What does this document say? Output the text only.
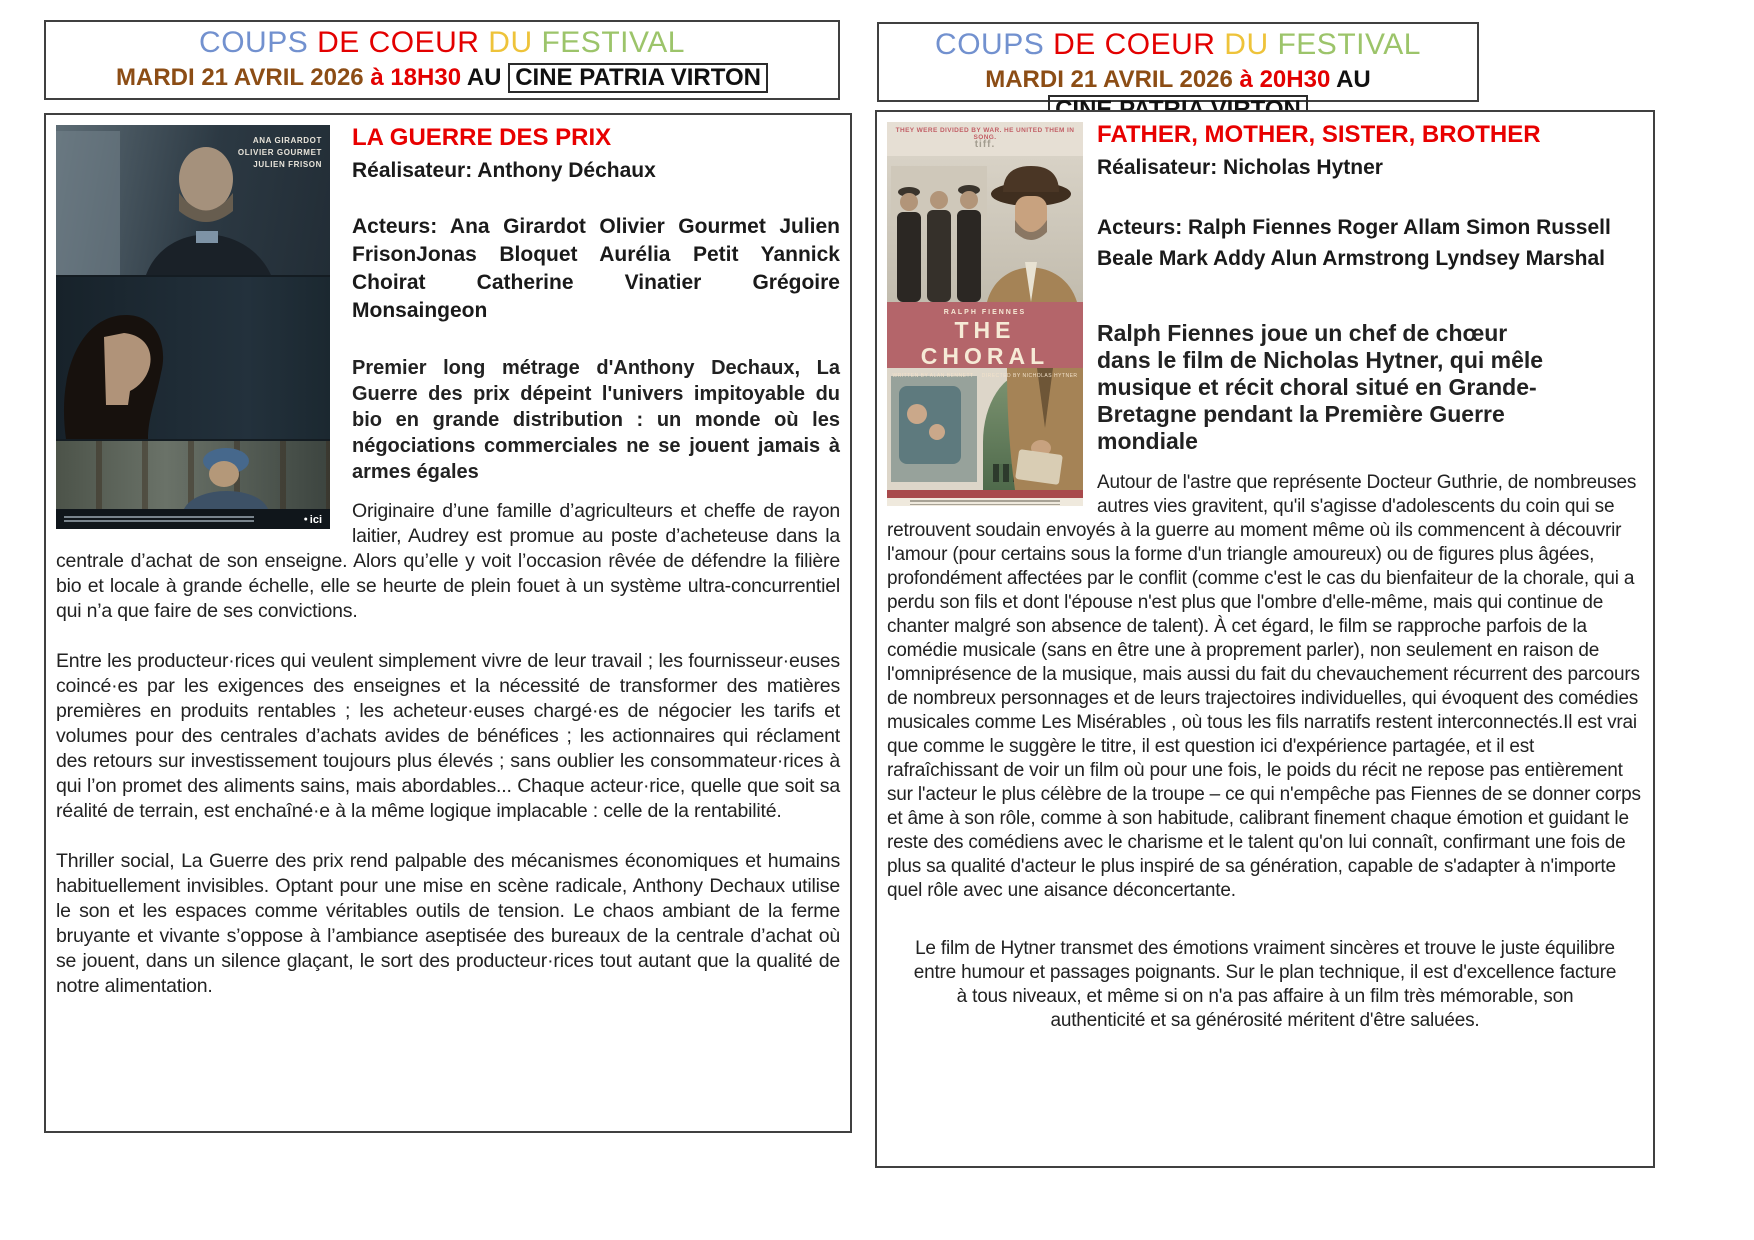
COUPS DE COEUR DU FESTIVAL
MARDI 21 AVRIL 2026 à 18H30 AU CINE PATRIA VIRTON
COUPS DE COEUR DU FESTIVAL
MARDI 21 AVRIL 2026 à 20H30 AU
ANA GIRARDOT
OLIVIER GOURMET
JULIEN FRISON
● ici
LA GUERRE DES PRIX
Réalisateur: Anthony Déchaux
Acteurs: Ana Girardot Olivier Gourmet Julien FrisonJonas Bloquet Aurélia Petit Yannick Choirat Catherine Vinatier Grégoire Monsaingeon
Premier long métrage d'Anthony Dechaux, La Guerre des prix dépeint l'univers impitoyable du bio en grande distribution : un monde où les négociations commerciales ne se jouent jamais à armes égales

Originaire d’une famille d’agriculteurs et cheffe de rayon laitier, Audrey est promue au poste d’acheteuse dans la centrale d’achat de son enseigne. Alors qu’elle y voit l’occasion rêvée de défendre la filière bio et locale à grande échelle, elle se heurte de plein fouet à un système ultra-concurrentiel qui n’a que faire de ses convictions.

Entre les producteur·rices qui veulent simplement vivre de leur travail ; les fournisseur·euses coincé·es par les exigences des enseignes et la nécessité de transformer des matières premières en produits rentables ; les acheteur·euses chargé·es de négocier les tarifs et volumes pour des centrales d’achats avides de bénéfices ; les actionnaires qui réclament des retours sur investissement toujours plus élevés ; sans oublier les consommateur·rices à qui l’on promet des aliments sains, mais abordables... Chaque acteur·rice, quelle que soit sa réalité de terrain, est enchaîné·e à la même logique implacable : celle de la rentabilité.

Thriller social, La Guerre des prix rend palpable des mécanismes économiques et humains habituellement invisibles. Optant pour une mise en scène radicale, Anthony Dechaux utilise le son et les espaces comme véritables outils de tension. Le chaos ambiant de la ferme bruyante et vivante s’oppose à l’ambiance aseptisée des bureaux de la centrale d’achat où se jouent, dans un silence glaçant, le sort des producteur·rices tout autant que la qualité de notre alimentation.

THEY WERE DIVIDED BY WAR. HE UNITED THEM IN SONG.
tiff.
RALPH FIENNES
THE CHORAL
WRITTEN BY ALAN BENNETT DIRECTED BY NICHOLAS HYTNER
FATHER, MOTHER, SISTER, BROTHER
Réalisateur: Nicholas Hytner
Acteurs: Ralph Fiennes Roger Allam Simon Russell Beale Mark Addy Alun Armstrong Lyndsey Marshal
Ralph Fiennes joue un chef de chœur dans le film de Nicholas Hytner, qui mêle musique et récit choral situé en Grande-Bretagne pendant la Première Guerre mondiale

Autour de l'astre que représente Docteur Guthrie, de nombreuses autres vies gravitent, qu'il s'agisse d'adolescents du coin qui se retrouvent soudain envoyés à la guerre au moment même où ils commencent à découvrir l'amour (pour certains sous la forme d'un triangle amoureux) ou de figures plus âgées, profondément affectées par le conflit (comme c'est le cas du bienfaiteur de la chorale, qui a perdu son fils et dont l'épouse n'est plus que l'ombre d'elle-même, mais qui continue de chanter malgré son absence de talent). À cet égard, le film se rapproche parfois de la comédie musicale (sans en être une à proprement parler), non seulement en raison de l'omniprésence de la musique, mais aussi du fait du chevauchement récurrent des parcours de nombreux personnages et de leurs trajectoires individuelles, qui évoquent des comédies musicales comme Les Misérables , où tous les fils narratifs restent interconnectés.Il est vrai que comme le suggère le titre, il est question ici d'expérience partagée, et il est rafraîchissant de voir un film où pour une fois, le poids du récit ne repose pas entièrement sur l'acteur le plus célèbre de la troupe – ce qui n'empêche pas Fiennes de se donner corps et âme à son rôle, comme à son habitude, calibrant finement chaque émotion et guidant le reste des comédiens avec le charisme et le talent qu'on lui connaît, confirmant une fois de plus sa qualité d'acteur le plus inspiré de sa génération, capable de s'adapter à n'importe quel rôle avec une aisance déconcertante.

Le film de Hytner transmet des émotions vraiment sincères et trouve le juste équilibre entre humour et passages poignants. Sur le plan technique, il est d'excellence facture à tous niveaux, et même si on n'a pas affaire à un film très mémorable, son authenticité et sa générosité méritent d'être saluées.
